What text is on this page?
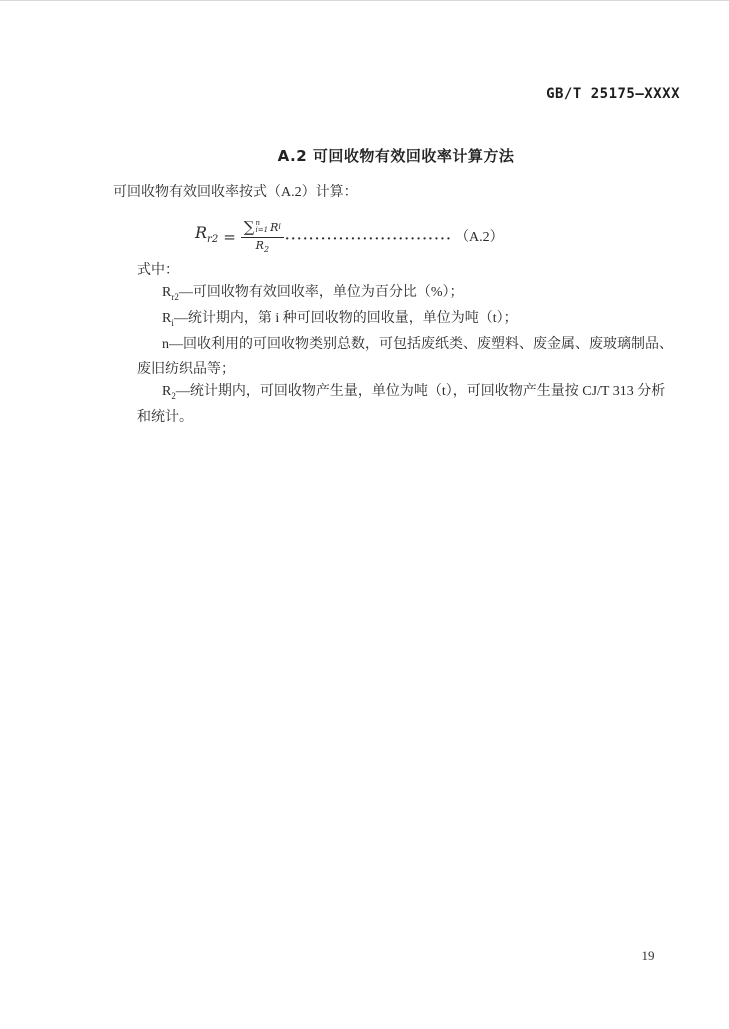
GB/T 25175—XXXX
A.2 可回收物有效回收率计算方法

可回收物有效回收率按式（A.2）计算：

$R_{r2}$ =
∑ n
i=1 R i
$R_2$
···························· （A.2）

式中：

$R_{r2}—$可回收物有效回收率，单位为百分比（%）；

$R_i—$统计期内，第 i 种可回收物的回收量，单位为吨（t）；

n—回收利用的可回收物类别总数，可包括废纸类、废塑料、废金属、废玻璃制品、废旧纺织品等；

$R_2—$统计期内，可回收物产生量，单位为吨（t），可回收物产生量按 CJ/T 313 分析和统计。

19
